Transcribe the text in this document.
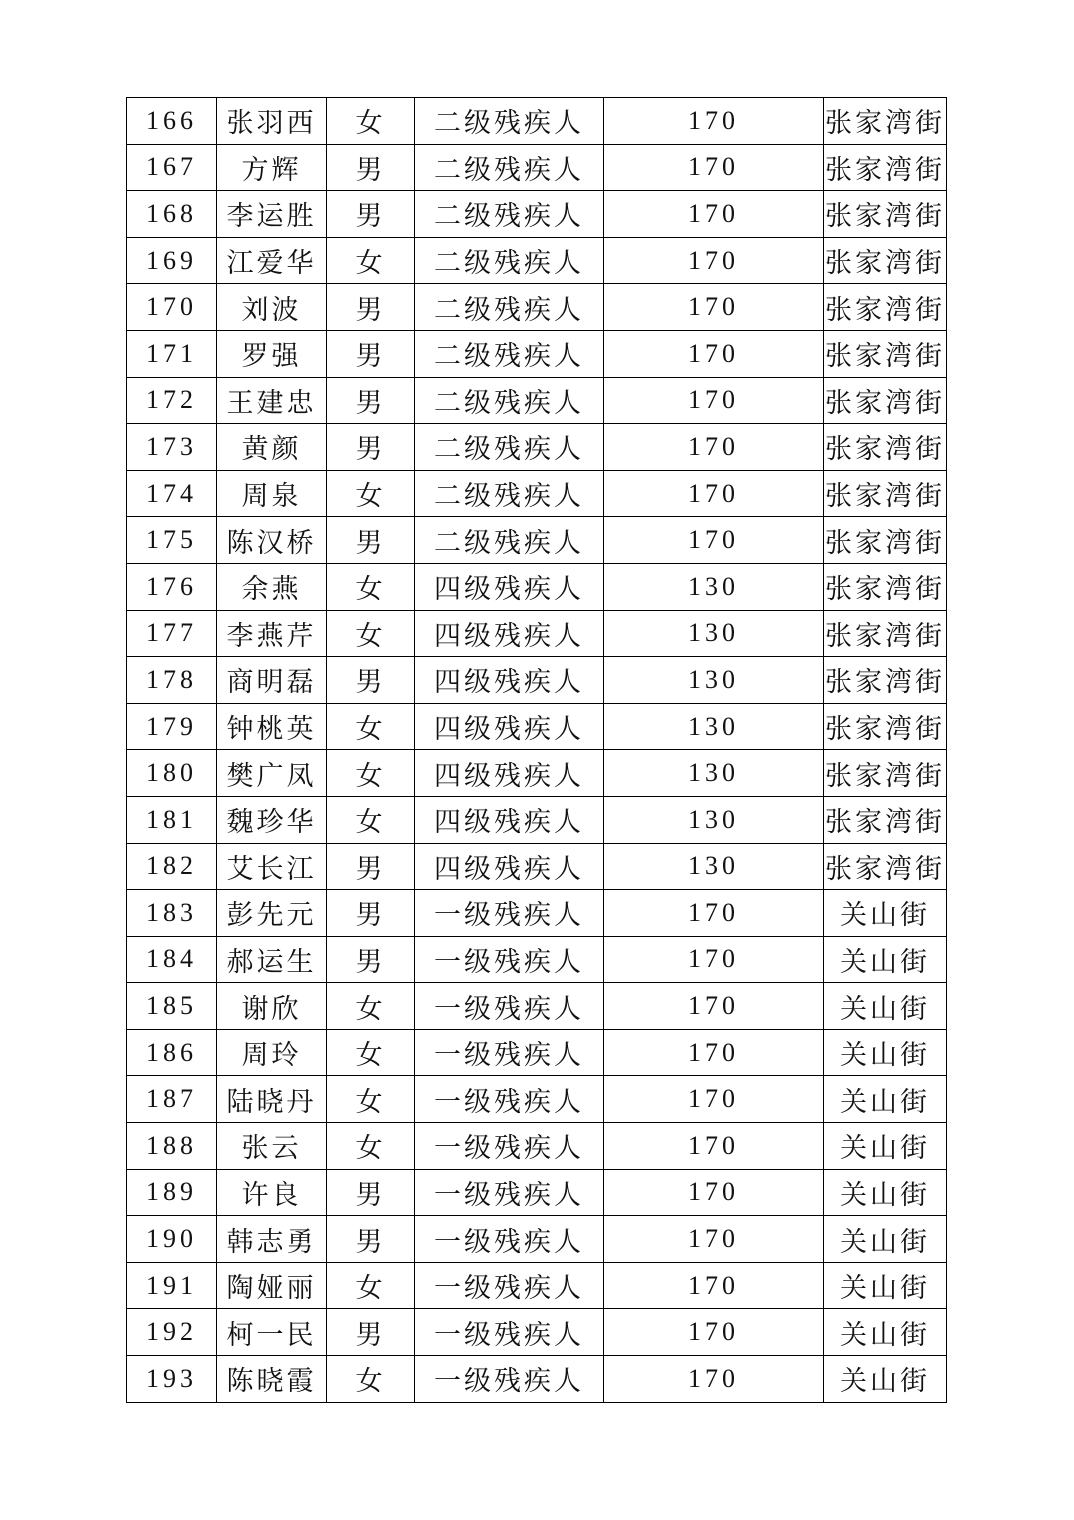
166	张羽西	女	二级残疾人	170	张家湾街
167	方辉	男	二级残疾人	170	张家湾街
168	李运胜	男	二级残疾人	170	张家湾街
169	江爱华	女	二级残疾人	170	张家湾街
170	刘波	男	二级残疾人	170	张家湾街
171	罗强	男	二级残疾人	170	张家湾街
172	王建忠	男	二级残疾人	170	张家湾街
173	黄颜	男	二级残疾人	170	张家湾街
174	周泉	女	二级残疾人	170	张家湾街
175	陈汉桥	男	二级残疾人	170	张家湾街
176	余燕	女	四级残疾人	130	张家湾街
177	李燕芹	女	四级残疾人	130	张家湾街
178	商明磊	男	四级残疾人	130	张家湾街
179	钟桃英	女	四级残疾人	130	张家湾街
180	樊广凤	女	四级残疾人	130	张家湾街
181	魏珍华	女	四级残疾人	130	张家湾街
182	艾长江	男	四级残疾人	130	张家湾街
183	彭先元	男	一级残疾人	170	关山街
184	郝运生	男	一级残疾人	170	关山街
185	谢欣	女	一级残疾人	170	关山街
186	周玲	女	一级残疾人	170	关山街
187	陆晓丹	女	一级残疾人	170	关山街
188	张云	女	一级残疾人	170	关山街
189	许良	男	一级残疾人	170	关山街
190	韩志勇	男	一级残疾人	170	关山街
191	陶娅丽	女	一级残疾人	170	关山街
192	柯一民	男	一级残疾人	170	关山街
193	陈晓霞	女	一级残疾人	170	关山街
